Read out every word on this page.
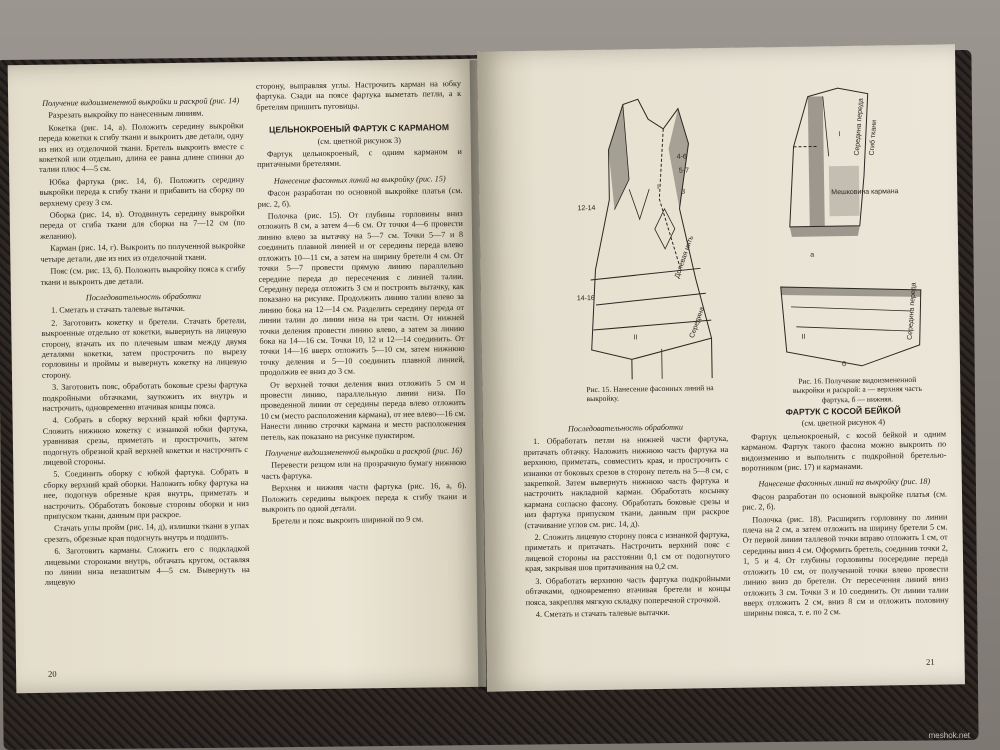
Получение видоизмененной выкройки и раскрой (рис. 14)

Разрезать выкройку по нанесенным линиям.

Кокетка (рис. 14, а). Положить середину выкройки переда кокетки к сгибу ткани и выкроить две детали, одну из них из отделочной ткани. Бретель выкроить вместе с кокеткой или отдельно, длина ее равна длине спинки до талии плюс 4—5 см.

Юбка фартука (рис. 14, б). Положить середину выкройки переда к сгибу ткани и прибавить на сборку по верхнему срезу 3 см.

Оборка (рис. 14, в). Отодвинуть середину выкройки переда от сгиба ткани для сборки на 7—12 см (по желанию).

Карман (рис. 14, г). Выкроить по полученной выкройке четыре детали, две из них из отделочной ткани.

Пояс (см. рис. 13, б). Положить выкройку пояса к сгибу ткани и выкроить две детали.

Последовательность обработки

1. Сметать и стачать талевые вытачки.

2. Заготовить кокетку и бретели. Стачать бретели, выкроенные отдельно от кокетки, вывернуть на лицевую сторону, втачать их по плечевым швам между двумя деталями кокетки, затем прострочить по вырезу горловины и проймы и вывернуть кокетку на лицевую сторону.

3. Заготовить пояс, обработать боковые срезы фартука подкройными обтачками, заутюжить их внутрь и настрочить, одновременно втачивая концы пояса.

4. Собрать в сборку верхний край юбки фартука. Сложить нижнюю кокетку с изнанкой юбки фартука, уравнивая срезы, приметать и прострочить, затем подогнуть обрезной край верхней кокетки и настрочить с лицевой стороны.

5. Соединить оборку с юбкой фартука. Собрать в сборку верхний край оборки. Наложить юбку фартука на нее, подогнув обрезные края внутрь, приметать и настрочить. Обработать боковые стороны оборки и низ припуском ткани, данным при раскрое.

Стачать углы пройм (рис. 14, д), излишки ткани в углах срезать, обрезные края подогнуть внутрь и подшить.

6. Заготовить карманы. Сложить его с подкладкой лицевыми сторонами внутрь, обтачать кругом, оставляя по линии низа незашитым 4—5 см. Вывернуть на лицевую

сторону, выправляя углы. Настрочить карман на юбку фартука. Сзади на поясе фартука выметать петли, а к бретелям пришить пуговицы.

ЦЕЛЬНОКРОЕНЫЙ ФАРТУК С КАРМАНОМ

(см. цветной рисунок 3)

Фартук цельнокроеный, с одним карманом и притачными бретелями.

Нанесение фасонных линий на выкройку (рис. 15)

Фасон разработан по основной выкройке платья (см. рис. 2, б).

Полочка (рис. 15). От глубины горловины вниз отложить 8 см, а затем 4—6 см. От точки 4—6 провести линию влево за вытачку на 5—7 см. Точки 5—7 и 8 соединить плавной линией и от середины переда влево отложить 10—11 см, а затем на ширину бретели 4 см. От точки 5—7 провести прямую линию параллельно середине переда до пересечения с линией талии. Середину переда отложить 3 см и построить вытачку, как показано на рисунке. Продолжить линию талии влево за линию бока на 12—14 см. Разделить середину переда от линии талии до линии низа на три части. От нижней точки деления провести линию влево, а затем за линию бока на 14—16 см. Точки 10, 12 и 12—14 соединить. От точки 14—16 вверх отложить 5—10 см, затем нижнюю точку деления и 5—10 соединить плавной линией, продолжив ее вниз до 3 см.

От верхней точки деления вниз отложить 5 см и провести линию, параллельную линии низа. По проведенной линии от середины переда влево отложить 10 см (место расположения кармана), от нее влево—16 см. Нанести линию строчки кармана и место расположения петель, как показано на рисунке пунктиром.

Получение видоизмененной выкройки и раскрой (рис. 16)

Перевести резцом или на прозрачную бумагу нижнюю часть фартука.

Верхняя и нижняя части фартука (рис. 16, а, б). Положить середины выкроек переда к сгибу ткани и выкроить по одной детали.

Бретели и пояс выкроить шириной по 9 см.

20
I
II
4-6
5-7
12-14
14-16
3
Долевая нить
Середина
Рис. 15. Нанесение фасонных линий на выкройку.
I
II
а
б
Середина переда Сгиб ткани
Мешковина кармана
Середина переда
Рис. 16. Получение видоизмененной выкройки и раскрой: а — верхняя часть фартука, б — нижняя.

Последовательность обработки

1. Обработать петли на нижней части фартука, притачать обтачку. Наложить нижнюю часть фартука на верхнюю, приметать, совместить края, и прострочить с изнанки от боковых срезов в сторону петель на 5—8 см, с закрепкой. Затем вывернуть нижнюю часть фартука и настрочить накладной карман. Обработать косынку кармана согласно фасону. Обработать боковые срезы и низ фартука припуском ткани, данным при раскрое (стачивание углов см. рис. 14, д).

2. Сложить лицевую сторону пояса с изнанкой фартука, приметать и притачать. Настрочить верхний пояс с лицевой стороны на расстоянии 0,1 см от подогнутого края, закрывая шов притачивания на 0,2 см.

3. Обработать верхнюю часть фартука подкройными обтачками, одновременно втачивая бретели и концы пояса, закрепляя мягкую складку поперечной строчкой.

4. Сметать и стачать талевые вытачки.

ФАРТУК С КОСОЙ БЕЙКОЙ

(см. цветной рисунок 4)

Фартук цельнокроеный, с косой бейкой и одним карманом. Фартук такого фасона можно выкроить по видоизмению и выполнить с подкройной бретелью-воротником (рис. 17) и карманами.

Нанесение фасонных линий на выкройку (рис. 18)

Фасон разработан по основной выкройке платья (см. рис. 2, б).

Полочка (рис. 18). Расширить горловину по линии плеча на 2 см, а затем отложить на ширину бретели 5 см. От первой линии таллевой точки вправо отложить 1 см, от середины вниз 4 см. Оформить бретель, соединив точки 2, 1, 5 и 4. От глубины горловины посередине переда отложить 10 см, от полученной точки влево провести линию вниз до бретели. От пересечения линий вниз отложить 3 см. Точки 3 и 10 соединить. От линии талии вверх отложить 2 см, вниз 8 см и отложить половину ширины пояса, т. е. по 2 см.

21
meshok.net
